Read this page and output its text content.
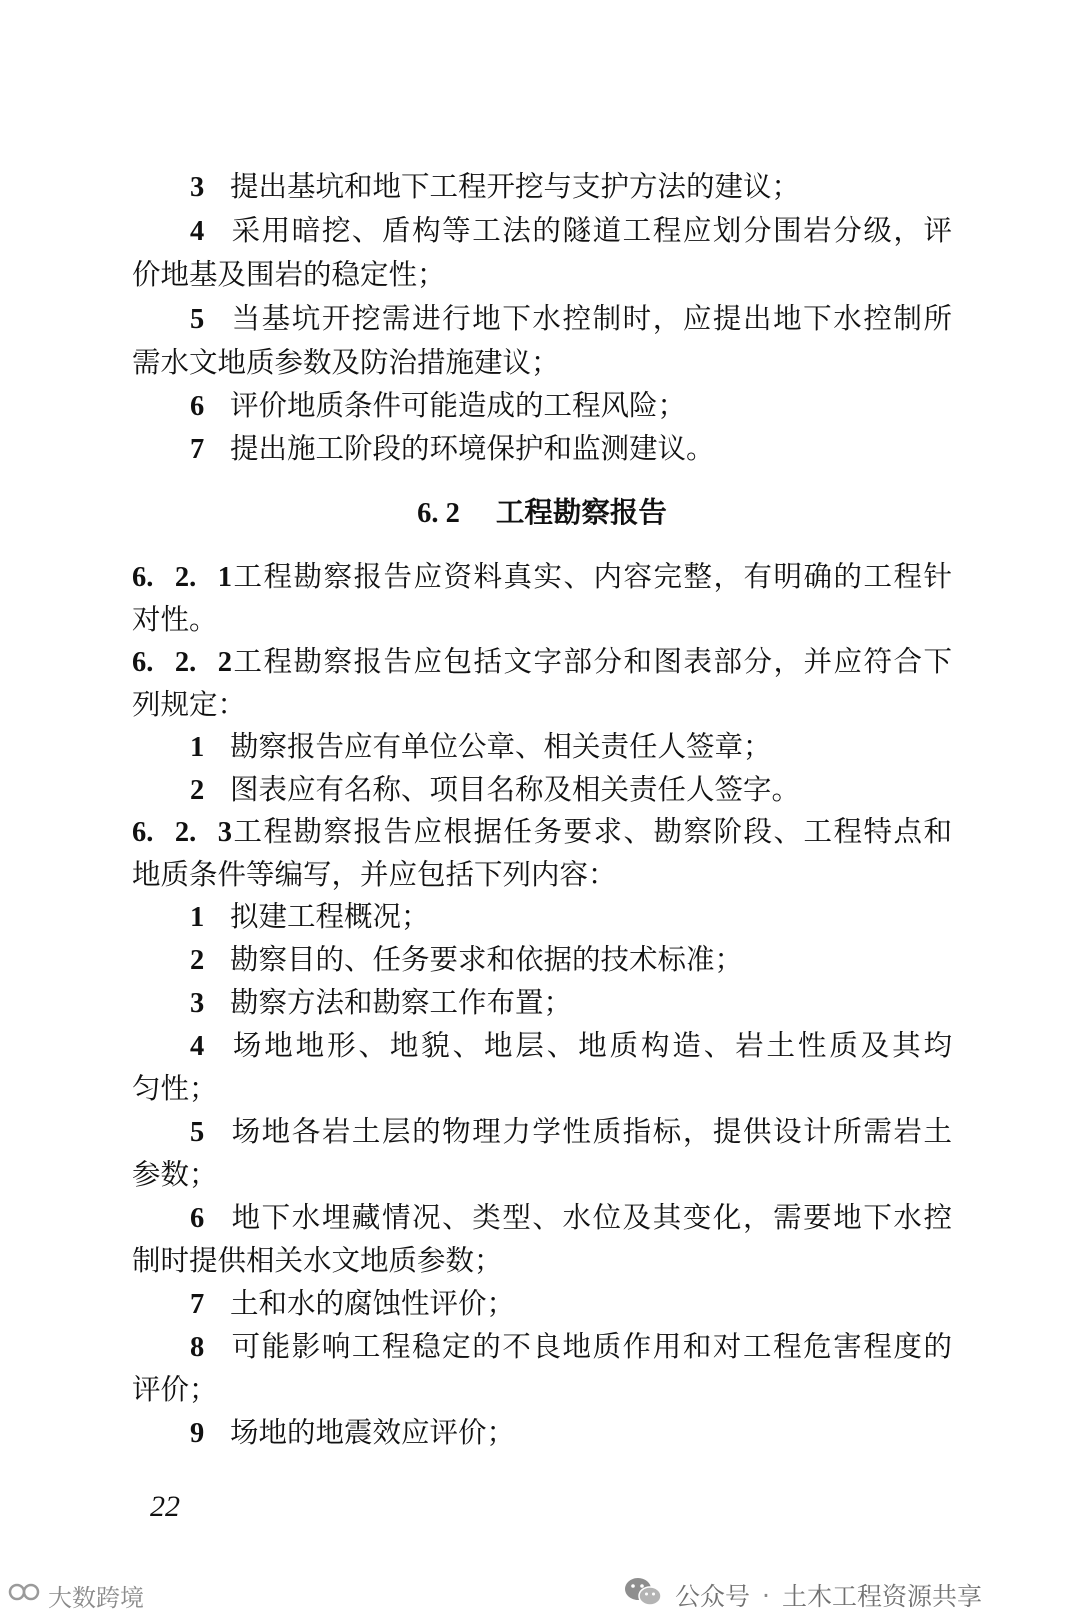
3 提出基坑和地下工程开挖与支护方法的建议；
4 采用暗挖、盾构等工法的隧道工程应划分围岩分级，评
价地基及围岩的稳定性；
5 当基坑开挖需进行地下水控制时，应提出地下水控制所
需水文地质参数及防治措施建议；
6 评价地质条件可能造成的工程风险；
7 提出施工阶段的环境保护和监测建议。
6. 2 工程勘察报告
6. 2. 1工程勘察报告应资料真实、内容完整，有明确的工程针
对性。
6. 2. 2工程勘察报告应包括文字部分和图表部分，并应符合下
列规定：
1 勘察报告应有单位公章、相关责任人签章；
2 图表应有名称、项目名称及相关责任人签字。
6. 2. 3工程勘察报告应根据任务要求、勘察阶段、工程特点和
地质条件等编写，并应包括下列内容：
1 拟建工程概况；
2 勘察目的、任务要求和依据的技术标准；
3 勘察方法和勘察工作布置；
4 场地地形、地貌、地层、地质构造、岩土性质及其均
匀性；
5 场地各岩土层的物理力学性质指标，提供设计所需岩土
参数；
6 地下水埋藏情况、类型、水位及其变化，需要地下水控
制时提供相关水文地质参数；
7 土和水的腐蚀性评价；
8 可能影响工程稳定的不良地质作用和对工程危害程度的
评价；
9 场地的地震效应评价；
22
大数跨境	公众号 · 土木工程资源共享
